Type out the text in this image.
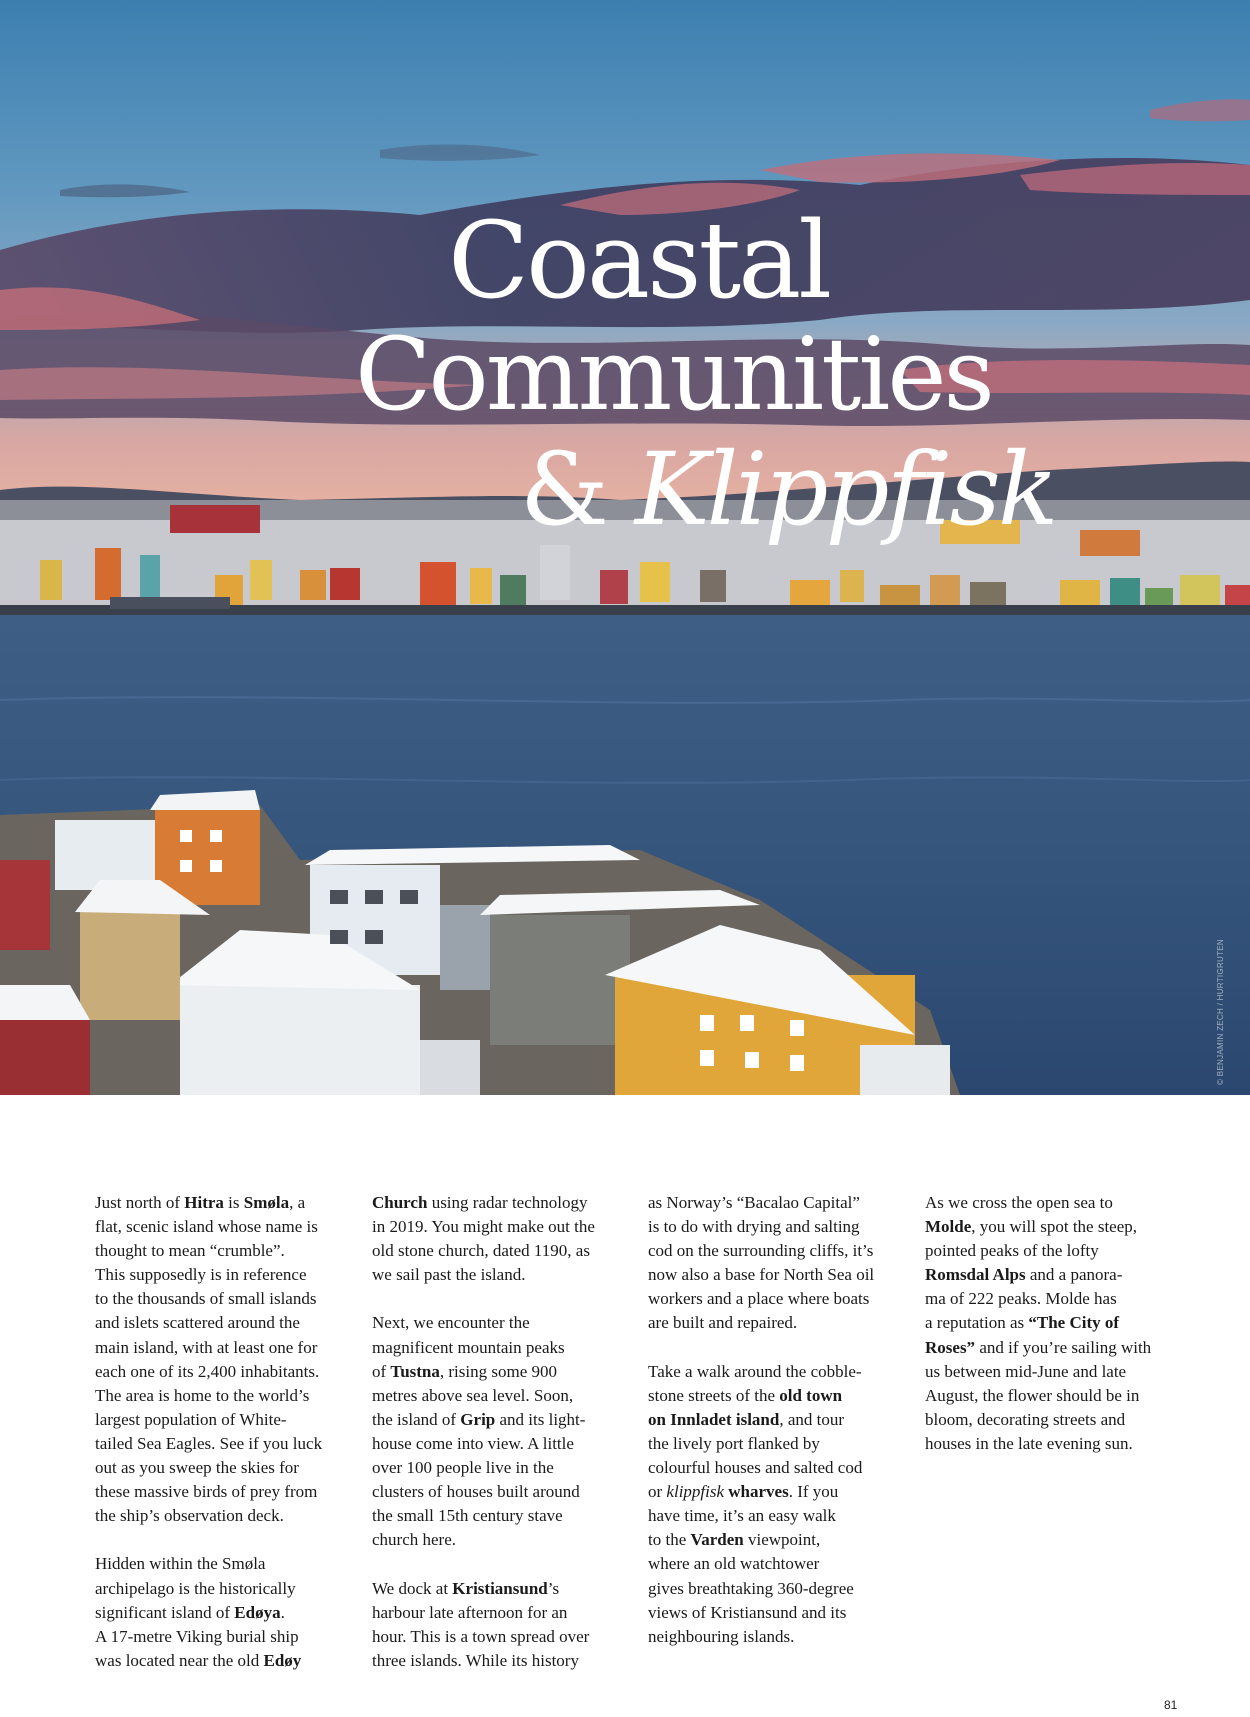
Coastal
Communities
& Klippfisk
© BENJAMIN ZECH / HURTIGRUTEN

Just north of Hitra is Smøla, a
flat, scenic island whose name is
thought to mean “crumble”.
This supposedly is in reference
to the thousands of small islands
and islets scattered around the
main island, with at least one for
each one of its 2,400 inhabitants.
The area is home to the world’s
largest population of White-
tailed Sea Eagles. See if you luck
out as you sweep the skies for
these massive birds of prey from
the ship’s observation deck.

Hidden within the Smøla
archipelago is the historically
significant island of Edøya.
A 17-metre Viking burial ship
was located near the old Edøy

Church using radar technology
in 2019. You might make out the
old stone church, dated 1190, as
we sail past the island.

Next, we encounter the
magnificent mountain peaks
of Tustna, rising some 900
metres above sea level. Soon,
the island of Grip and its light-
house come into view. A little
over 100 people live in the
clusters of houses built around
the small 15th century stave
church here.

We dock at Kristiansund’s
harbour late afternoon for an
hour. This is a town spread over
three islands. While its history

as Norway’s “Bacalao Capital”
is to do with drying and salting
cod on the surrounding cliffs, it’s
now also a base for North Sea oil
workers and a place where boats
are built and repaired.

Take a walk around the cobble-
stone streets of the old town
on Innladet island, and tour
the lively port flanked by
colourful houses and salted cod
or klippfisk wharves. If you
have time, it’s an easy walk
to the Varden viewpoint,
where an old watchtower
gives breathtaking 360-degree
views of Kristiansund and its
neighbouring islands.

As we cross the open sea to
Molde, you will spot the steep,
pointed peaks of the lofty
Romsdal Alps and a panora-
ma of 222 peaks. Molde has
a reputation as “The City of
Roses” and if you’re sailing with
us between mid-June and late
August, the flower should be in
bloom, decorating streets and
houses in the late evening sun.

81
